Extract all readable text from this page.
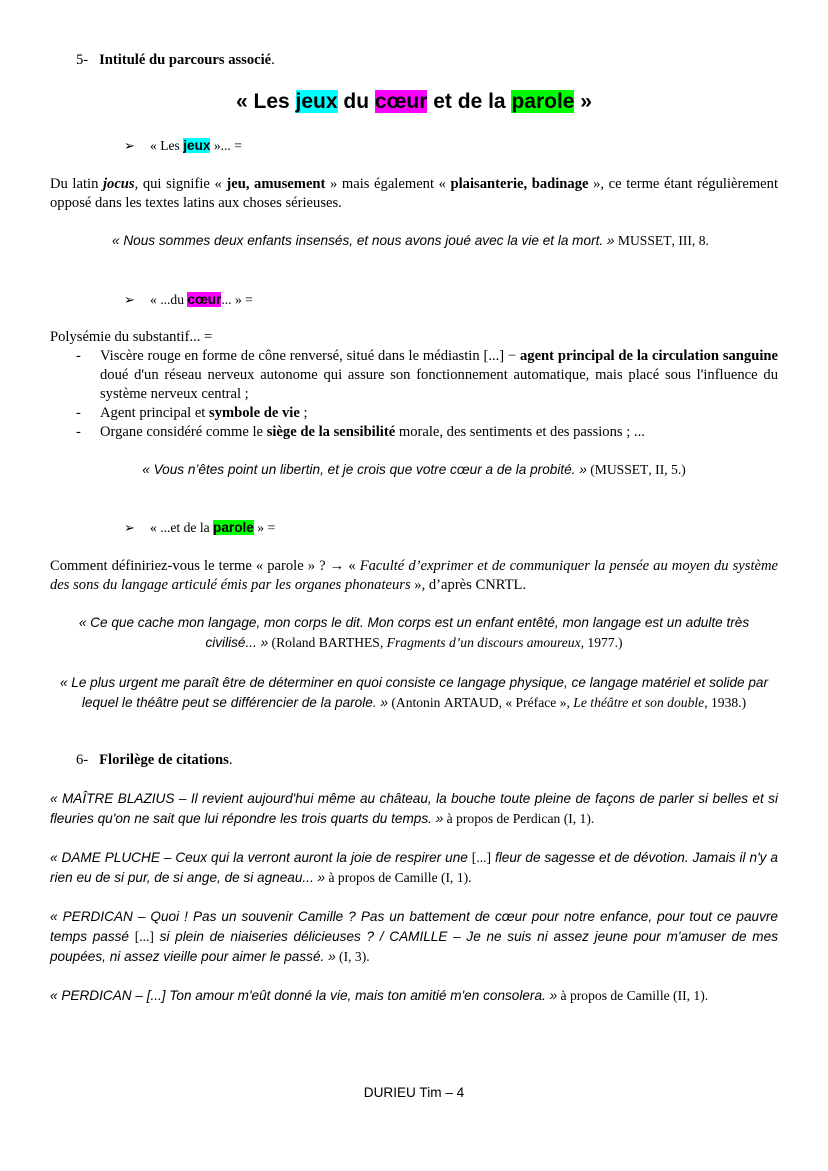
5- Intitulé du parcours associé.
« Les jeux du cœur et de la parole »
➢ « Les jeux »... =
Du latin jocus, qui signifie « jeu, amusement » mais également « plaisanterie, badinage », ce terme étant régulièrement opposé dans les textes latins aux choses sérieuses.
« Nous sommes deux enfants insensés, et nous avons joué avec la vie et la mort. » MUSSET, III, 8.
➢ « ...du cœur... » =
Polysémie du substantif... =
- Viscère rouge en forme de cône renversé, situé dans le médiastin [...] − agent principal de la circulation sanguine doué d'un réseau nerveux autonome qui assure son fonctionnement automatique, mais placé sous l'influence du système nerveux central ;
- Agent principal et symbole de vie ;
- Organe considéré comme le siège de la sensibilité morale, des sentiments et des passions ; ...
« Vous n’êtes point un libertin, et je crois que votre cœur a de la probité. » (MUSSET, II, 5.)
➢ « ...et de la parole » =
Comment définiriez-vous le terme « parole » ? → « Faculté d’exprimer et de communiquer la pensée au moyen du système des sons du langage articulé émis par les organes phonateurs », d’après CNRTL.
« Ce que cache mon langage, mon corps le dit. Mon corps est un enfant entêté, mon langage est un adulte très civilisé... » (Roland BARTHES, Fragments d’un discours amoureux, 1977.)
« Le plus urgent me paraît être de déterminer en quoi consiste ce langage physique, ce langage matériel et solide par lequel le théâtre peut se différencier de la parole. » (Antonin ARTAUD, « Préface », Le théâtre et son double, 1938.)
6- Florilège de citations.
« MAÎTRE BLAZIUS – Il revient aujourd'hui même au château, la bouche toute pleine de façons de parler si belles et si fleuries qu'on ne sait que lui répondre les trois quarts du temps. » à propos de Perdican (I, 1).
« DAME PLUCHE – Ceux qui la verront auront la joie de respirer une [...] fleur de sagesse et de dévotion. Jamais il n'y a rien eu de si pur, de si ange, de si agneau... » à propos de Camille (I, 1).
« PERDICAN – Quoi ! Pas un souvenir Camille ? Pas un battement de cœur pour notre enfance, pour tout ce pauvre temps passé [...] si plein de niaiseries délicieuses ? / CAMILLE – Je ne suis ni assez jeune pour m'amuser de mes poupées, ni assez vieille pour aimer le passé. » (I, 3).
« PERDICAN – [...] Ton amour m'eût donné la vie, mais ton amitié m'en consolera. » à propos de Camille (II, 1).
DURIEU Tim – 4
